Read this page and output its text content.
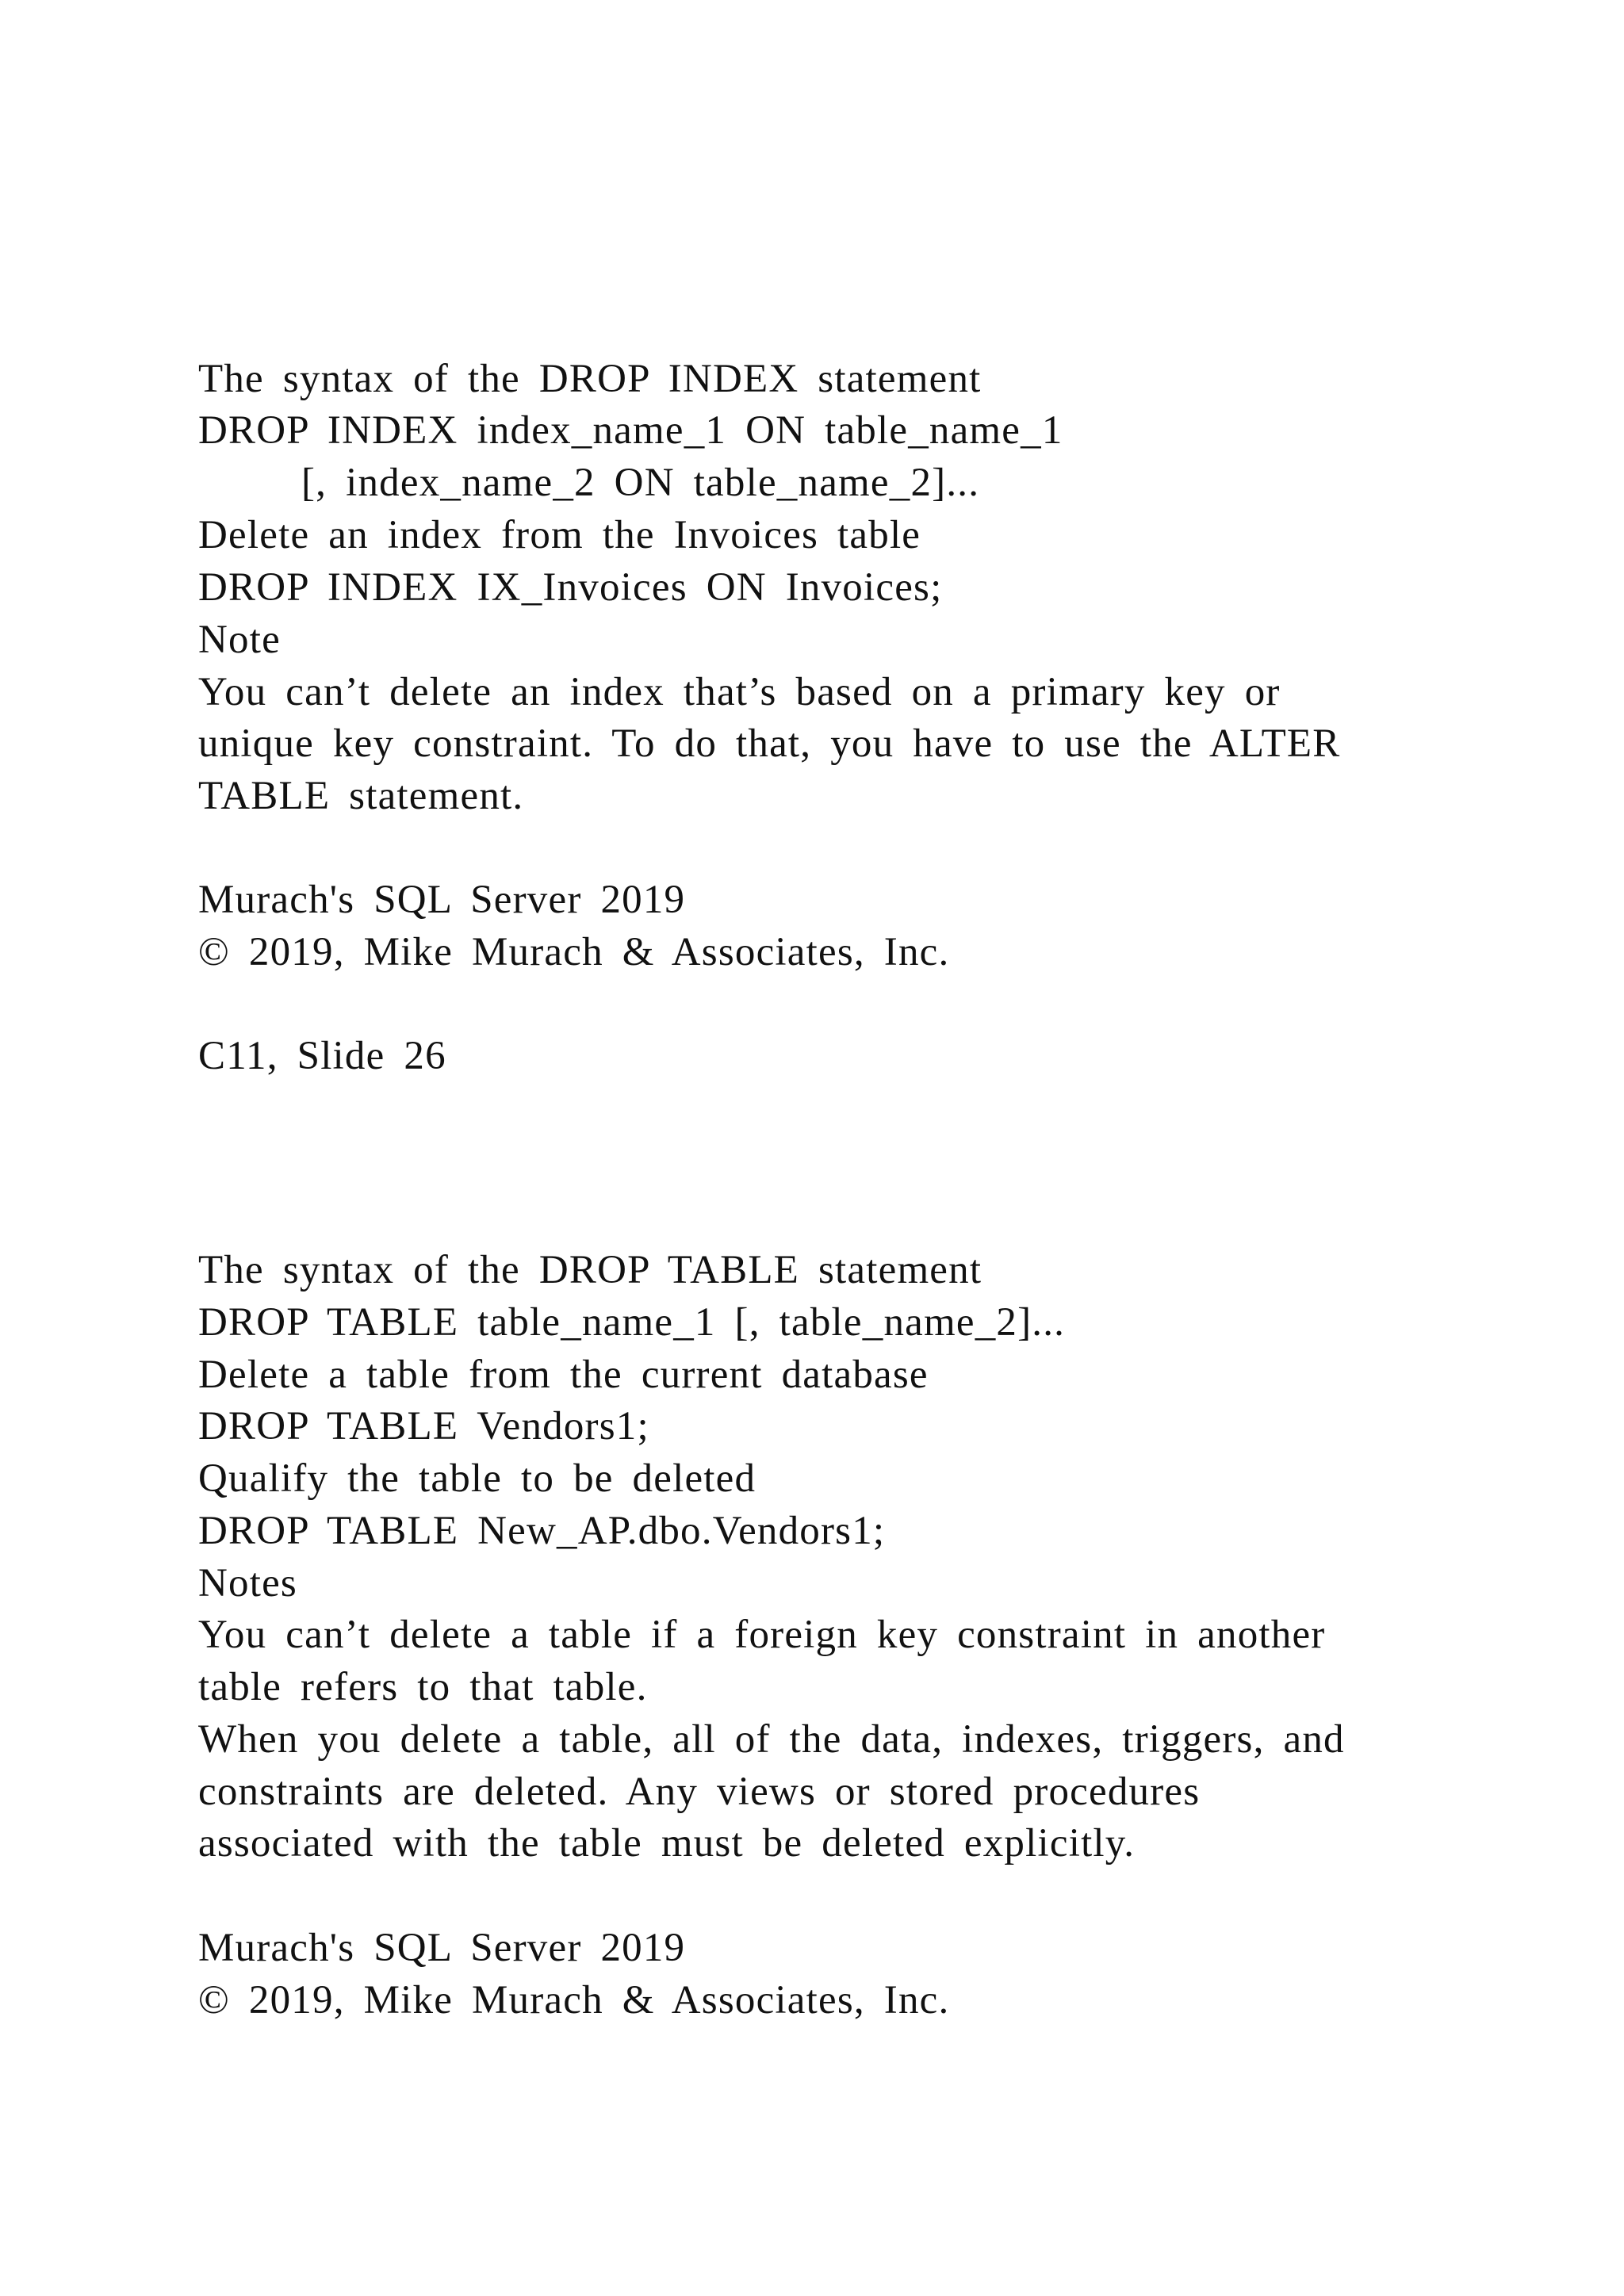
The syntax of the DROP INDEX statement
DROP INDEX index_name_1 ON table_name_1
[, index_name_2 ON table_name_2]...
Delete an index from the Invoices table
DROP INDEX IX_Invoices ON Invoices;
Note
You can’t delete an index that’s based on a primary key or
unique key constraint. To do that, you have to use the ALTER
TABLE statement.
Murach's SQL Server 2019
© 2019, Mike Murach & Associates, Inc.
C11, Slide 26
The syntax of the DROP TABLE statement
DROP TABLE table_name_1 [, table_name_2]...
Delete a table from the current database
DROP TABLE Vendors1;
Qualify the table to be deleted
DROP TABLE New_AP.dbo.Vendors1;
Notes
You can’t delete a table if a foreign key constraint in another
table refers to that table.
When you delete a table, all of the data, indexes, triggers, and
constraints are deleted. Any views or stored procedures
associated with the table must be deleted explicitly.
Murach's SQL Server 2019
© 2019, Mike Murach & Associates, Inc.
